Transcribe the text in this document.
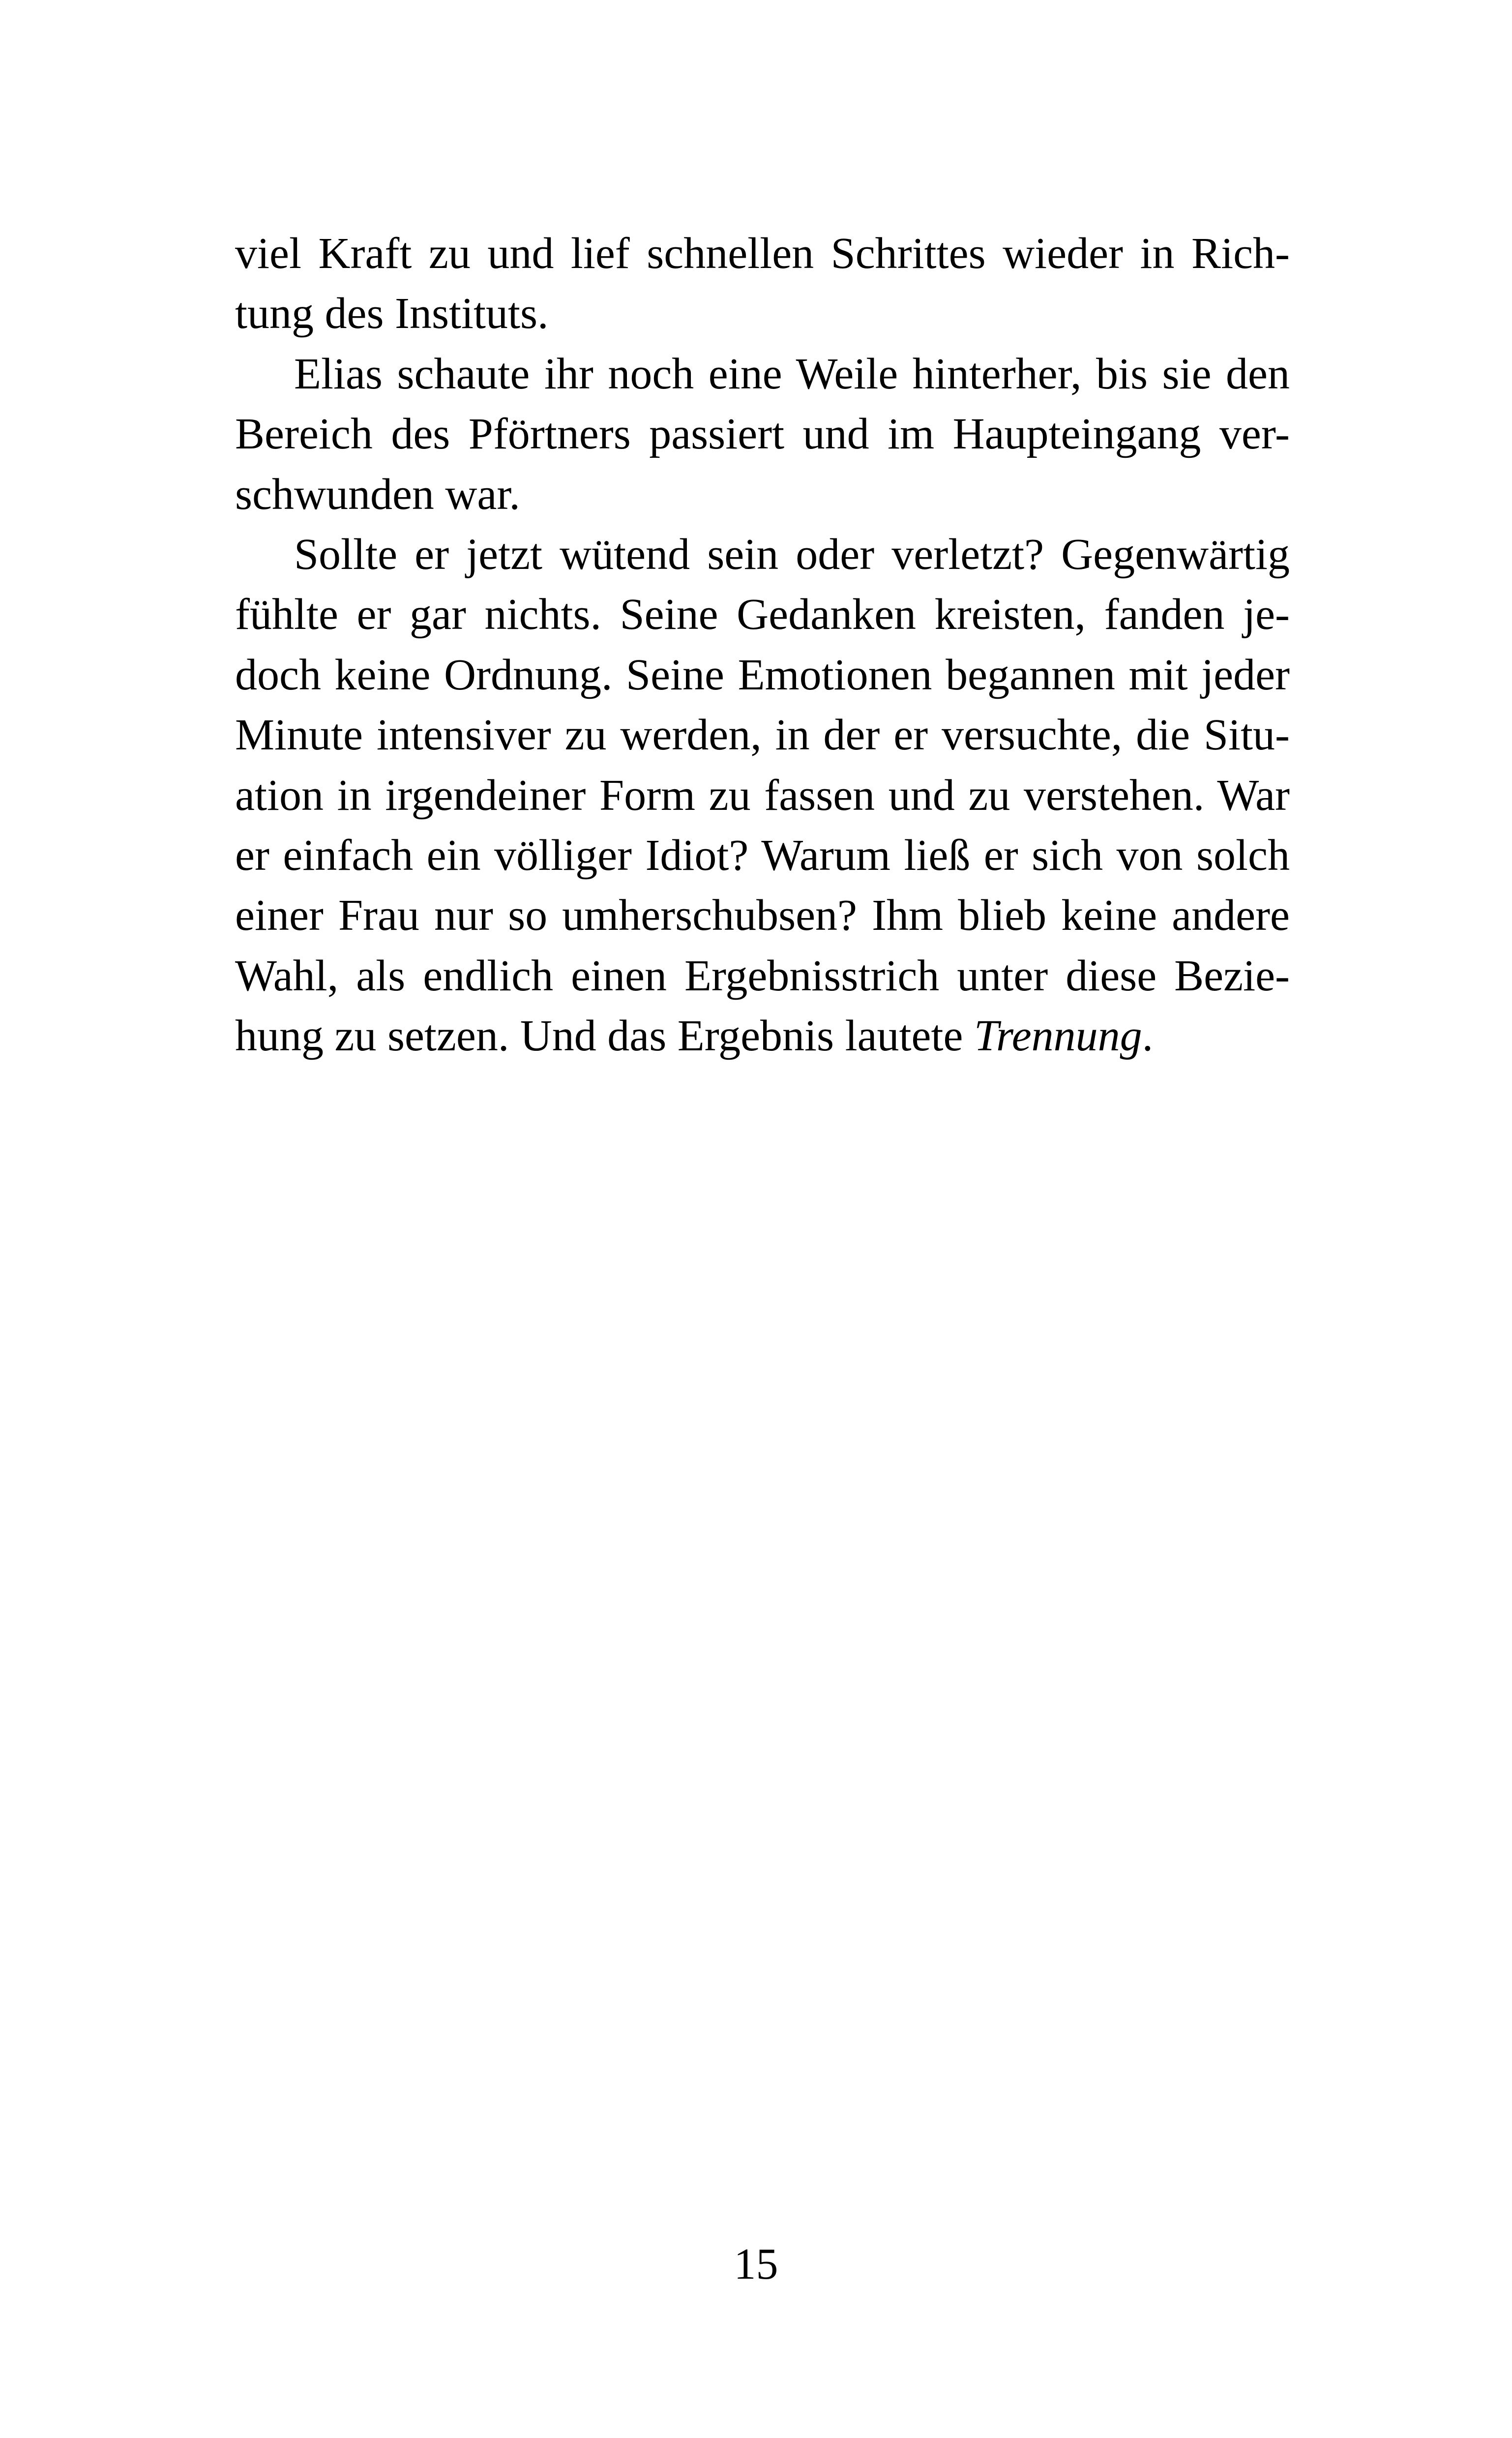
viel Kraft zu und lief schnellen Schrittes wieder in Rich-
tung des Instituts.
Elias schaute ihr noch eine Weile hinterher, bis sie den
Bereich des Pförtners passiert und im Haupteingang ver-
schwunden war.
Sollte er jetzt wütend sein oder verletzt? Gegenwärtig
fühlte er gar nichts. Seine Gedanken kreisten, fanden je-
doch keine Ordnung. Seine Emotionen begannen mit jeder
Minute intensiver zu werden, in der er versuchte, die Situ-
ation in irgendeiner Form zu fassen und zu verstehen. War
er einfach ein völliger Idiot? Warum ließ er sich von solch
einer Frau nur so umherschubsen? Ihm blieb keine andere
Wahl, als endlich einen Ergebnisstrich unter diese Bezie-
hung zu setzen. Und das Ergebnis lautete Trennung.
15
